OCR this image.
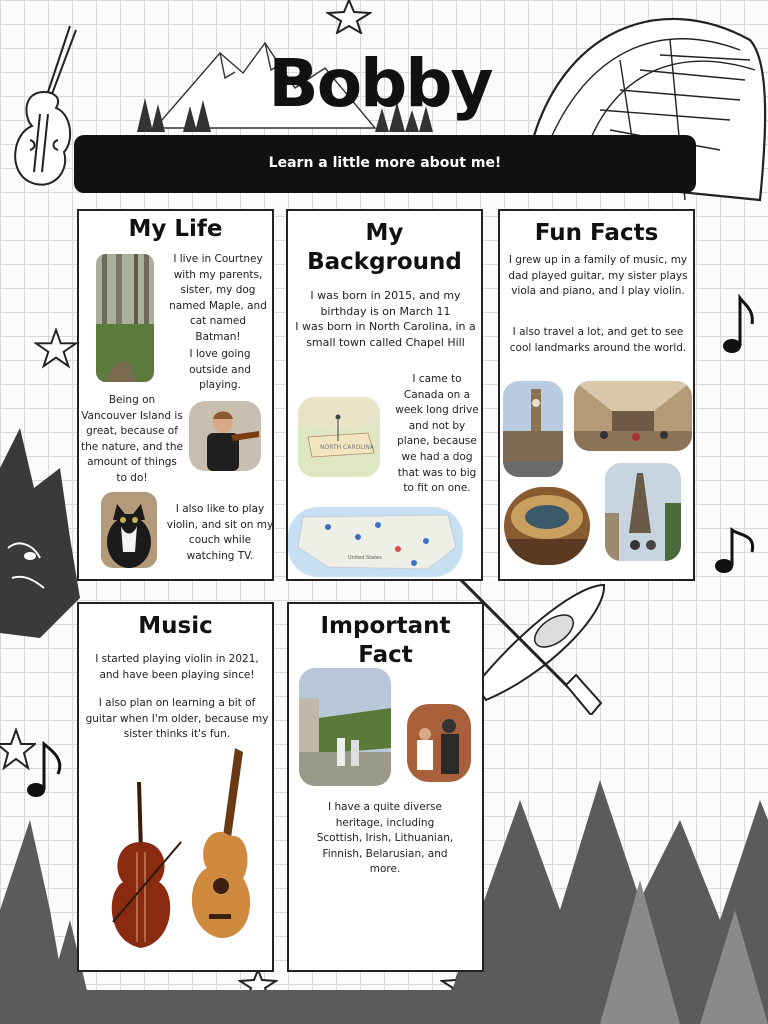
Bobby
Learn a little more about me!
My Life
I live in Courtney with my parents, sister, my dog named Maple, and cat named Batman!
I love going outside and playing.
Being on Vancouver Island is great, because of the nature, and the amount of things to do!
I also like to play violin, and sit on my couch while watching TV.
My
Background
I was born in 2015, and my birthday is on March 11
I was born in North Carolina, in a small town called Chapel Hill
NORTH CAROLINA
I came to Canada on a week long drive and not by plane, because we had a dog that was to big to fit on one.
United States
Fun Facts
I grew up in a family of music, my dad played guitar, my sister plays viola and piano, and I play violin.
I also travel a lot, and get to see cool landmarks around the world.
Music
I started playing violin in 2021, and have been playing since!
I also plan on learning a bit of guitar when I'm older, because my sister thinks it's fun.
Important
Fact
I have a quite diverse heritage, including Scottish, Irish, Lithuanian, Finnish, Belarusian, and more.
